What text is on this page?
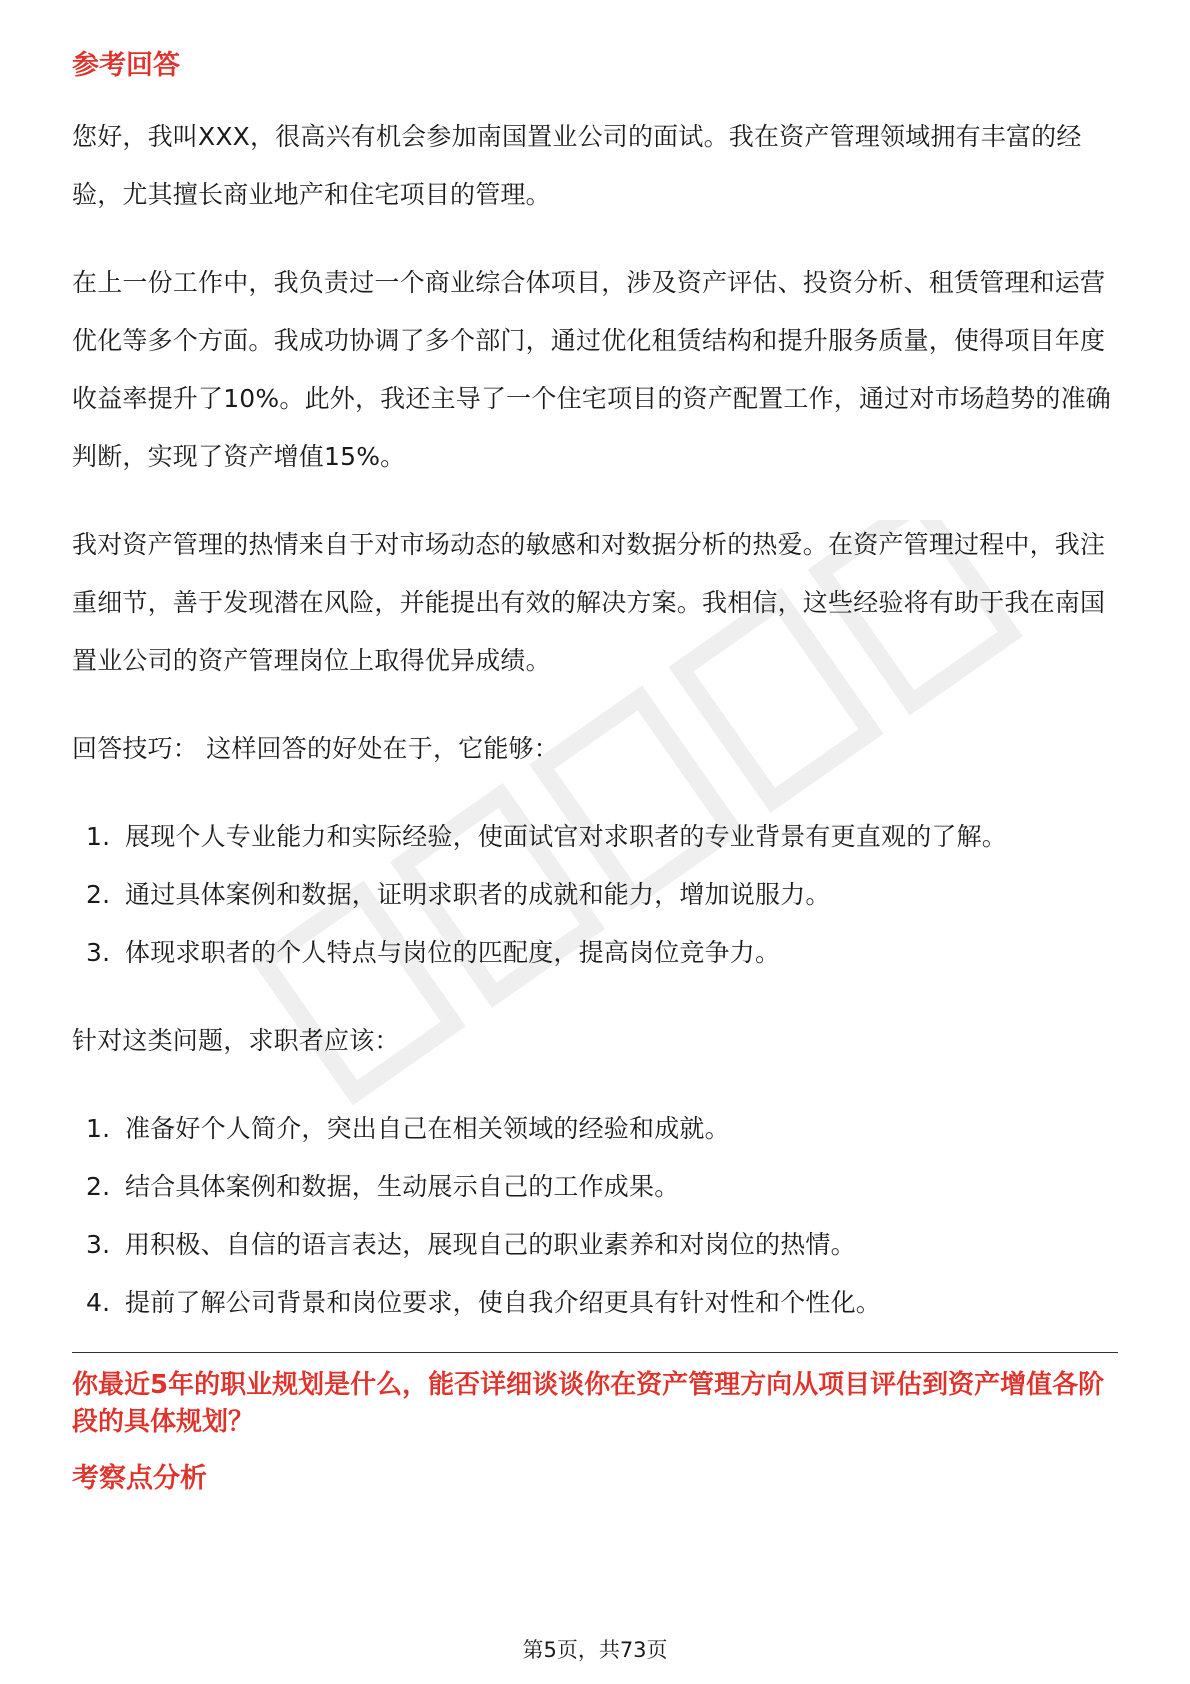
参考回答

您好，我叫XXX，很高兴有机会参加南国置业公司的面试。我在资产管理领域拥有丰富的经验，尤其擅长商业地产和住宅项目的管理。

在上一份工作中，我负责过一个商业综合体项目，涉及资产评估、投资分析、租赁管理和运营优化等多个方面。我成功协调了多个部门，通过优化租赁结构和提升服务质量，使得项目年度收益率提升了10%。此外，我还主导了一个住宅项目的资产配置工作，通过对市场趋势的准确判断，实现了资产增值15%。

我对资产管理的热情来自于对市场动态的敏感和对数据分析的热爱。在资产管理过程中，我注重细节，善于发现潜在风险，并能提出有效的解决方案。我相信，这些经验将有助于我在南国置业公司的资产管理岗位上取得优异成绩。

回答技巧： 这样回答的好处在于，它能够：

1. 展现个人专业能力和实际经验，使面试官对求职者的专业背景有更直观的了解。
2. 通过具体案例和数据，证明求职者的成就和能力，增加说服力。
3. 体现求职者的个人特点与岗位的匹配度，提高岗位竞争力。

针对这类问题，求职者应该：

1. 准备好个人简介，突出自己在相关领域的经验和成就。
2. 结合具体案例和数据，生动展示自己的工作成果。
3. 用积极、自信的语言表达，展现自己的职业素养和对岗位的热情。
4. 提前了解公司背景和岗位要求，使自我介绍更具有针对性和个性化。

你最近5年的职业规划是什么，能否详细谈谈你在资产管理方向从项目评估到资产增值各阶段的具体规划？

考察点分析
第5页，共73页
